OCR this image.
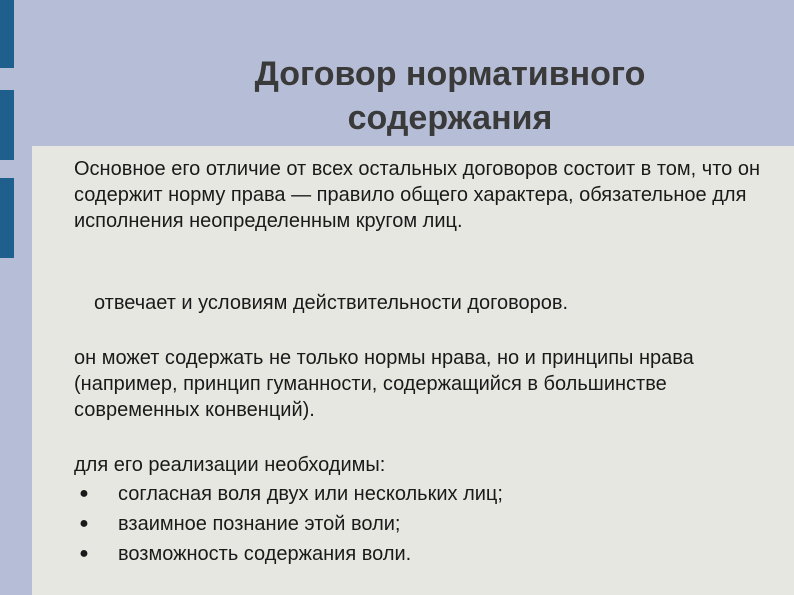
Договор нормативного
содержания

Основное его отличие от всех остальных договоров состоит в том, что он содержит норму права — правило общего характера, обязательное для исполнения неопределенным кругом лиц.

отвечает и условиям действительности договоров.

он может содержать не только нормы нрава, но и принципы нрава (например, принцип гуманности, содержащийся в большинстве современных конвенций).

для его реализации необходимы:

● согласная воля двух или нескольких лиц;
● взаимное познание этой воли;
● возможность содержания воли.
